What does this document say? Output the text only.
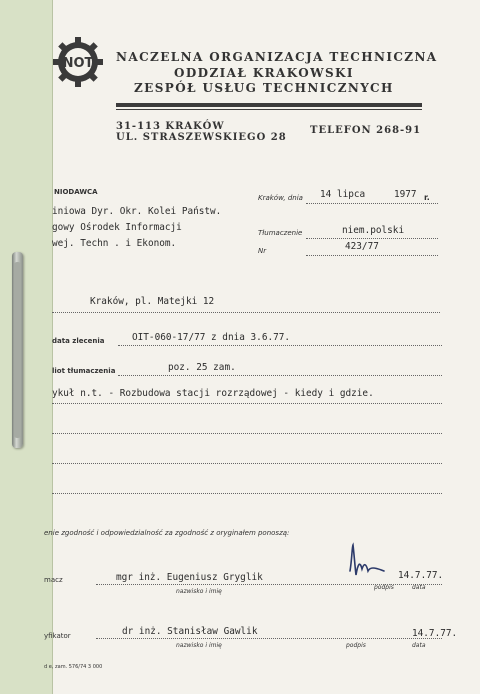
NOT NACZELNA ORGANIZACJA TECHNICZNA
ODDZIAŁ KRAKOWSKI
ZESPÓŁ USŁUG TECHNICZNYCH
31-113 KRAKÓW
UL. STRASZEWSKIEGO 28
TELEFON 268-91
NIODAWCA
iniowa Dyr. Okr. Kolei Państw.
gowy Ośrodek Informacji
wej. Techn . i Ekonom.
Kraków, pl. Matejki 12
Kraków, dnia 14 lipca	1977 r.
Tłumaczenie	niem.polski
Nr	423/77
data zlecenia	OIT-060-17/77 z dnia 3.6.77.
liot tłumaczenia	poz. 25 zam.
ykuł n.t. - Rozbudowa stacji rozrządowej - kiedy i gdzie.
enie zgodność i odpowiedzialność za zgodność z oryginałem ponoszą:
macz	mgr inż. Eugeniusz Gryglik	14.7.77.
nazwisko i imię
podpis	data
yfikator	dr inż. Stanisław Gawlik	14.7.77.
nazwisko i imię	podpis	data
d e, zam. 576/74 3 000
